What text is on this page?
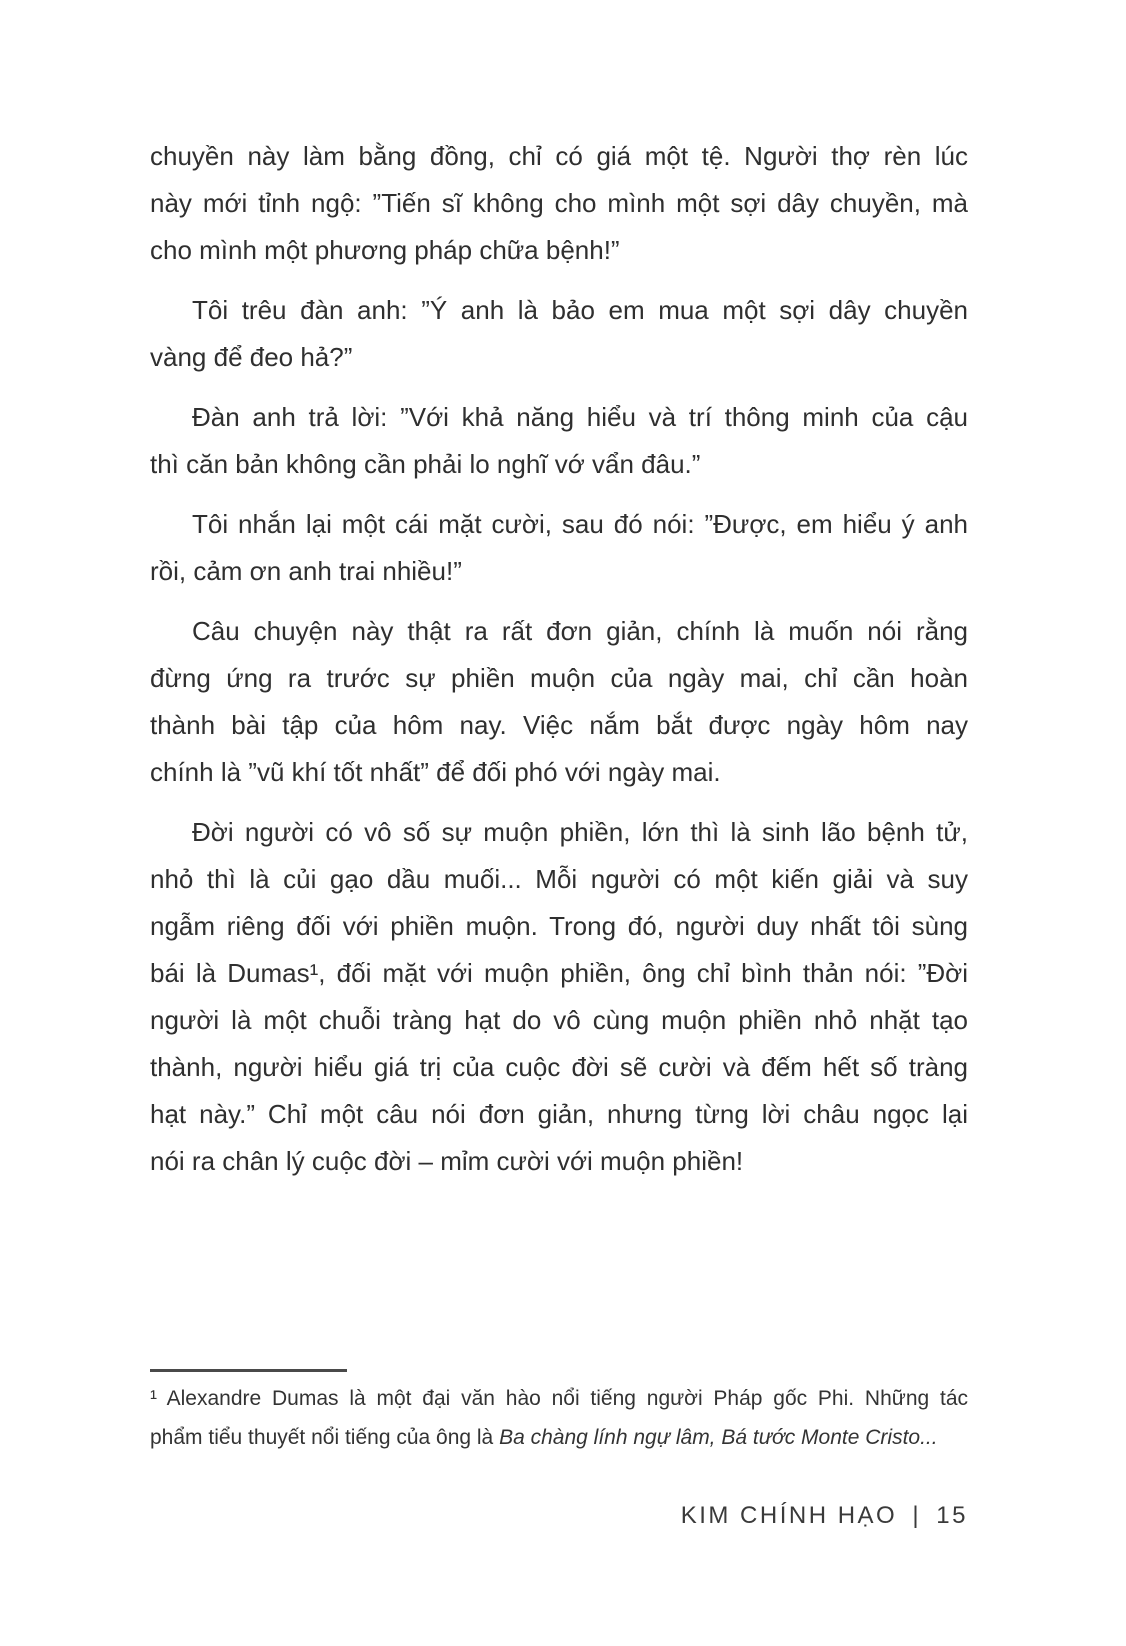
chuyền này làm bằng đồng, chỉ có giá một tệ. Người thợ rèn lúc
này mới tỉnh ngộ: ”Tiến sĩ không cho mình một sợi dây chuyền, mà
cho mình một phương pháp chữa bệnh!”
Tôi trêu đàn anh: ”Ý anh là bảo em mua một sợi dây chuyền
vàng để đeo hả?”
Đàn anh trả lời: ”Với khả năng hiểu và trí thông minh của cậu
thì căn bản không cần phải lo nghĩ vớ vẩn đâu.”
Tôi nhắn lại một cái mặt cười, sau đó nói: ”Được, em hiểu ý anh
rồi, cảm ơn anh trai nhiều!”
Câu chuyện này thật ra rất đơn giản, chính là muốn nói rằng
đừng ứng ra trước sự phiền muộn của ngày mai, chỉ cần hoàn
thành bài tập của hôm nay. Việc nắm bắt được ngày hôm nay
chính là ”vũ khí tốt nhất” để đối phó với ngày mai.
Đời người có vô số sự muộn phiền, lớn thì là sinh lão bệnh tử,
nhỏ thì là củi gạo dầu muối... Mỗi người có một kiến giải và suy
ngẫm riêng đối với phiền muộn. Trong đó, người duy nhất tôi sùng
bái là Dumas¹, đối mặt với muộn phiền, ông chỉ bình thản nói: ”Đời
người là một chuỗi tràng hạt do vô cùng muộn phiền nhỏ nhặt tạo
thành, người hiểu giá trị của cuộc đời sẽ cười và đếm hết số tràng
hạt này.” Chỉ một câu nói đơn giản, nhưng từng lời châu ngọc lại
nói ra chân lý cuộc đời – mỉm cười với muộn phiền!
¹ Alexandre Dumas là một đại văn hào nổi tiếng người Pháp gốc Phi. Những tác
phẩm tiểu thuyết nổi tiếng của ông là Ba chàng lính ngự lâm, Bá tước Monte Cristo...
KIM CHÍNH HẠO | 15
